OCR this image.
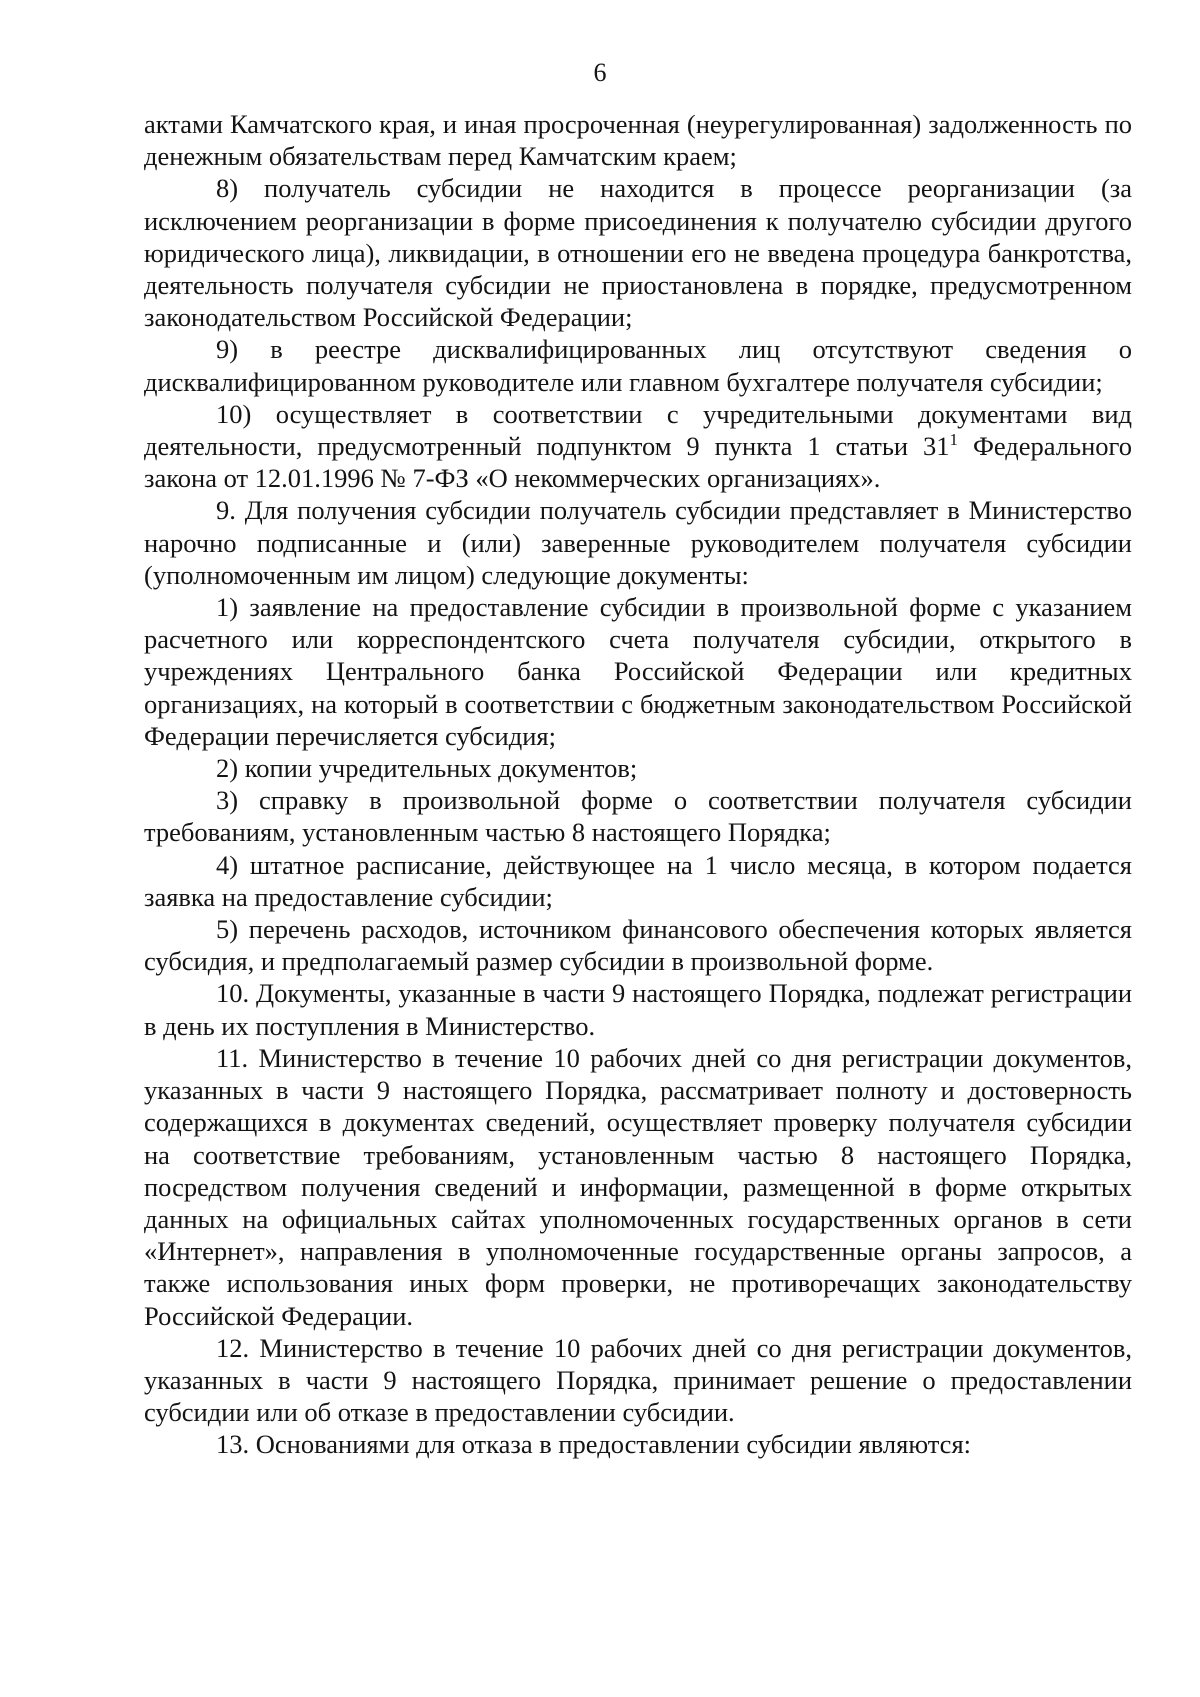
6

актами Камчатского края, и иная просроченная (неурегулированная) задолженность по денежным обязательствам перед Камчатским краем;

8) получатель субсидии не находится в процессе реорганизации (за исключением реорганизации в форме присоединения к получателю субсидии другого юридического лица), ликвидации, в отношении его не введена процедура банкротства, деятельность получателя субсидии не приостановлена в порядке, предусмотренном законодательством Российской Федерации;

9) в реестре дисквалифицированных лиц отсутствуют сведения о дисквалифицированном руководителе или главном бухгалтере получателя субсидии;

10) осуществляет в соответствии с учредительными документами вид деятельности, предусмотренный подпунктом 9 пункта 1 статьи 31$^1$ Федерального закона от 12.01.1996 № 7-ФЗ «О некоммерческих организациях».

9. Для получения субсидии получатель субсидии представляет в Министерство нарочно подписанные и (или) заверенные руководителем получателя субсидии (уполномоченным им лицом) следующие документы:

1) заявление на предоставление субсидии в произвольной форме с указанием расчетного или корреспондентского счета получателя субсидии, открытого в учреждениях Центрального банка Российской Федерации или кредитных организациях, на который в соответствии с бюджетным законодательством Российской Федерации перечисляется субсидия;

2) копии учредительных документов;

3) справку в произвольной форме о соответствии получателя субсидии требованиям, установленным частью 8 настоящего Порядка;

4) штатное расписание, действующее на 1 число месяца, в котором подается заявка на предоставление субсидии;

5) перечень расходов, источником финансового обеспечения которых является субсидия, и предполагаемый размер субсидии в произвольной форме.

10. Документы, указанные в части 9 настоящего Порядка, подлежат регистрации в день их поступления в Министерство.

11. Министерство в течение 10 рабочих дней со дня регистрации документов, указанных в части 9 настоящего Порядка, рассматривает полноту и достоверность содержащихся в документах сведений, осуществляет проверку получателя субсидии на соответствие требованиям, установленным частью 8 настоящего Порядка, посредством получения сведений и информации, размещенной в форме открытых данных на официальных сайтах уполномоченных государственных органов в сети «Интернет», направления в уполномоченные государственные органы запросов, а также использования иных форм проверки, не противоречащих законодательству Российской Федерации.

12. Министерство в течение 10 рабочих дней со дня регистрации документов, указанных в части 9 настоящего Порядка, принимает решение о предоставлении субсидии или об отказе в предоставлении субсидии.

13. Основаниями для отказа в предоставлении субсидии являются:
